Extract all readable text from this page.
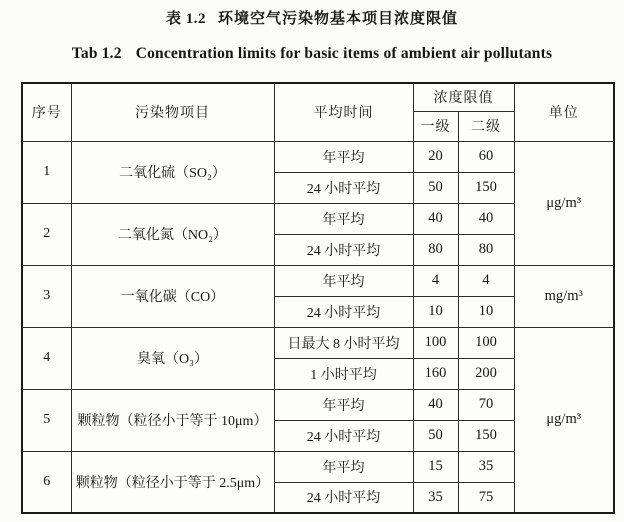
表 1.2 环境空气污染物基本项目浓度限值
Tab 1.2 Concentration limits for basic items of ambient air pollutants
序号	污染物项目	平均时间	浓度限值		单位
			一级	二级	
1	二氧化硫（SO₂）	年平均	20	60	μg/m³
		24 小时平均	50	150	
2	二氧化氮（NO₂）	年平均	40	40	
		24 小时平均	80	80	
3	一氧化碳（CO）	年平均	4	4	mg/m³
		24 小时平均	10	10	
4	臭氧（O₃）	日最大 8 小时平均	100	100	μg/m³
		1 小时平均	160	200	
5	颗粒物（粒径小于等于 10μm）	年平均	40	70	
		24 小时平均	50	150	
6	颗粒物（粒径小于等于 2.5μm）	年平均	15	35	
		24 小时平均	35	75	
